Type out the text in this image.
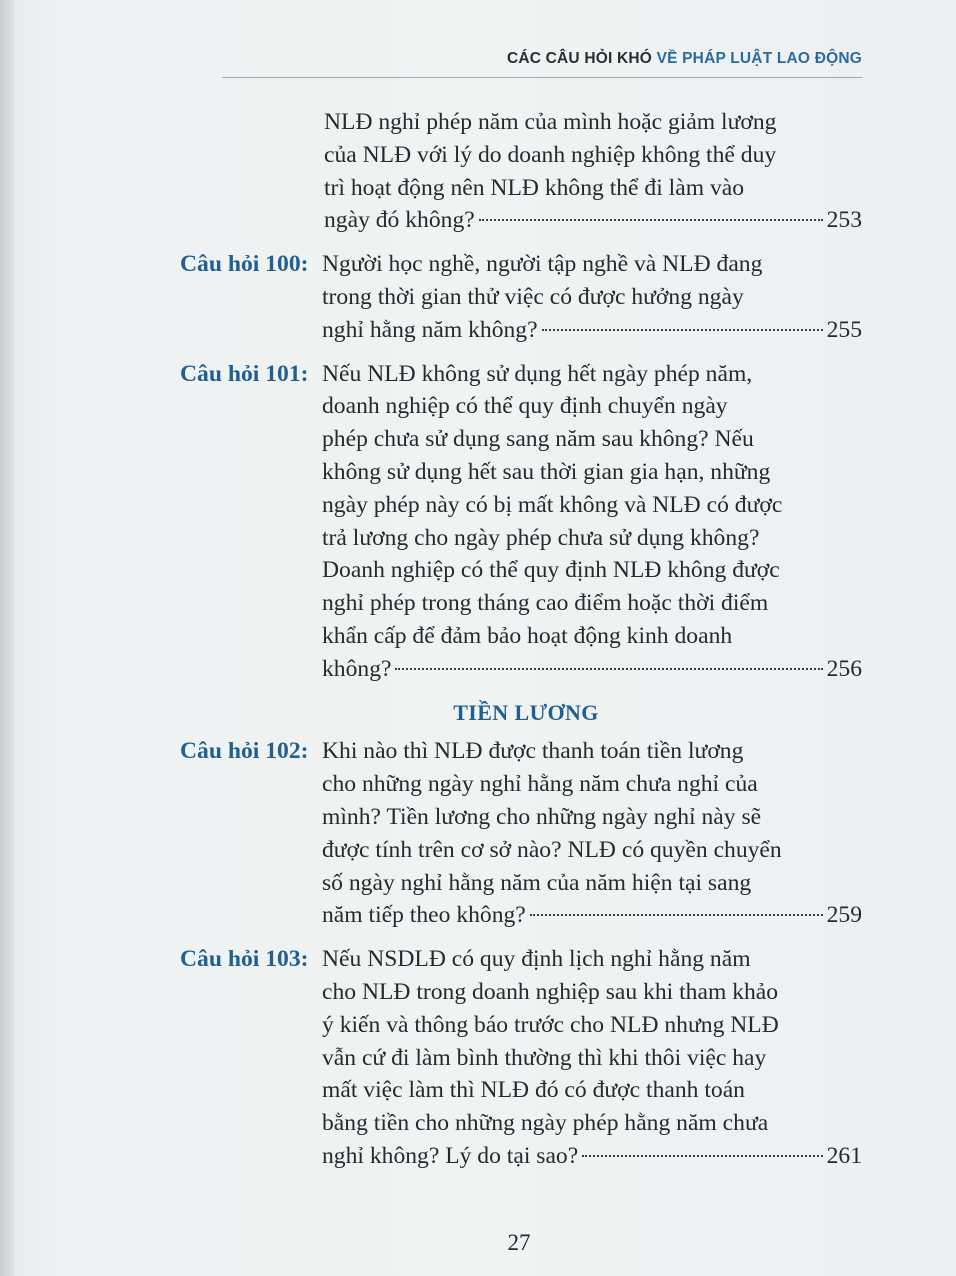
CÁC CÂU HỎI KHÓ VỀ PHÁP LUẬT LAO ĐỘNG
NLĐ nghỉ phép năm của mình hoặc giảm lương
của NLĐ với lý do doanh nghiệp không thể duy
trì hoạt động nên NLĐ không thể đi làm vào
ngày đó không?	253
Câu hỏi 100: Người học nghề, người tập nghề và NLĐ đang
trong thời gian thử việc có được hưởng ngày
nghỉ hằng năm không?	255
Câu hỏi 101: Nếu NLĐ không sử dụng hết ngày phép năm,
doanh nghiệp có thể quy định chuyển ngày
phép chưa sử dụng sang năm sau không? Nếu
không sử dụng hết sau thời gian gia hạn, những
ngày phép này có bị mất không và NLĐ có được
trả lương cho ngày phép chưa sử dụng không?
Doanh nghiệp có thể quy định NLĐ không được
nghỉ phép trong tháng cao điểm hoặc thời điểm
khẩn cấp để đảm bảo hoạt động kinh doanh
không?	256
TIỀN LƯƠNG
Câu hỏi 102: Khi nào thì NLĐ được thanh toán tiền lương
cho những ngày nghỉ hằng năm chưa nghỉ của
mình? Tiền lương cho những ngày nghỉ này sẽ
được tính trên cơ sở nào? NLĐ có quyền chuyển
số ngày nghỉ hằng năm của năm hiện tại sang
năm tiếp theo không?	259
Câu hỏi 103: Nếu NSDLĐ có quy định lịch nghỉ hằng năm
cho NLĐ trong doanh nghiệp sau khi tham khảo
ý kiến và thông báo trước cho NLĐ nhưng NLĐ
vẫn cứ đi làm bình thường thì khi thôi việc hay
mất việc làm thì NLĐ đó có được thanh toán
bằng tiền cho những ngày phép hằng năm chưa
nghỉ không? Lý do tại sao?	261
27
